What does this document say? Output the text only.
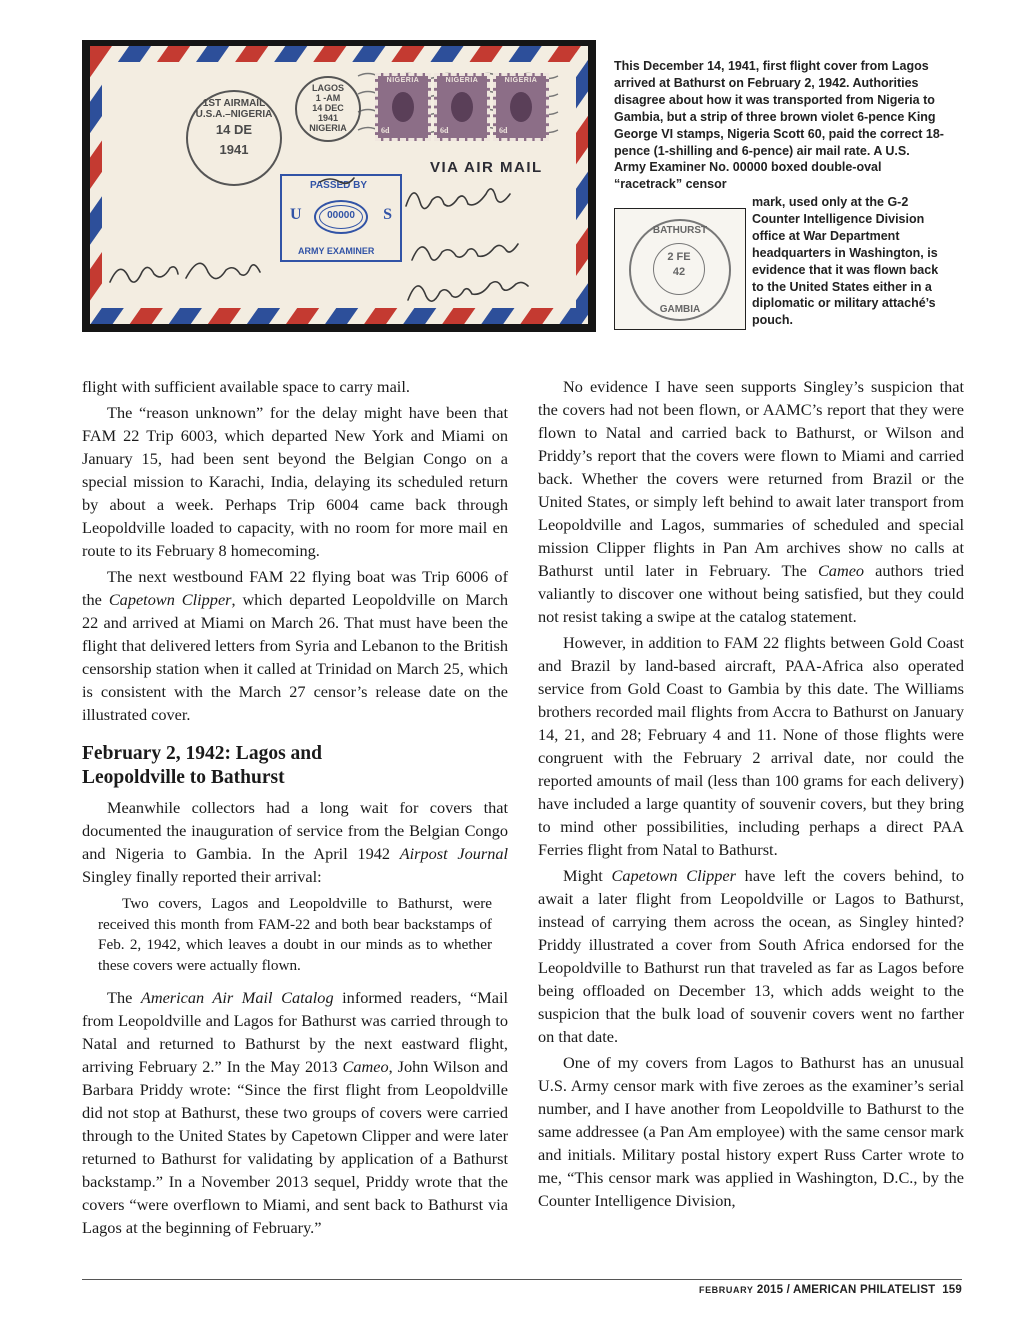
1ST AIRMAIL U.S.A.–NIGERIA
14 DE
1941
LAGOS
1 -AM
14 DEC
1941
NIGERIA
NIGERIA
6d
NIGERIA
6d
NIGERIA
6d
VIA AIR MAIL
PASSED BY
U	00000	S
ARMY EXAMINER

This December 14, 1941, first flight cover from Lagos arrived at Bathurst on February 2, 1942. Authorities disagree about how it was transported from Nigeria to Gambia, but a strip of three brown violet 6-pence King George VI stamps, Nigeria Scott 60, paid the correct 18-pence (1-shilling and 6-pence) air mail rate. A U.S. Army Examiner No. 00000 boxed double-oval “racetrack” censor

BATHURST
2 FE
42
GAMBIA

mark, used only at the G-2 Counter Intelligence Division office at War Department headquarters in Washington, is evidence that it was flown back to the United States either in a diplomatic or military attaché’s pouch.

flight with sufficient available space to carry mail.

The “reason unknown” for the delay might have been that FAM 22 Trip 6003, which departed New York and Miami on January 15, had been sent beyond the Belgian Congo on a special mission to Karachi, India, delaying its scheduled return by about a week. Perhaps Trip 6004 came back through Leopoldville loaded to capacity, with no room for more mail en route to its February 8 homecoming.

The next westbound FAM 22 flying boat was Trip 6006 of the Capetown Clipper, which departed Leopoldville on March 22 and arrived at Miami on March 26. That must have been the flight that delivered letters from Syria and Lebanon to the British censorship station when it called at Trinidad on March 25, which is consistent with the March 27 censor’s release date on the illustrated cover.

February 2, 1942: Lagos and
Leopoldville to Bathurst

Meanwhile collectors had a long wait for covers that documented the inauguration of service from the Belgian Congo and Nigeria to Gambia. In the April 1942 Airpost Journal Singley finally reported their arrival:

Two covers, Lagos and Leopoldville to Bathurst, were received this month from FAM-22 and both bear backstamps of Feb. 2, 1942, which leaves a doubt in our minds as to whether these covers were actually flown.

The American Air Mail Catalog informed readers, “Mail from Leopoldville and Lagos for Bathurst was carried through to Natal and returned to Bathurst by the next eastward flight, arriving February 2.” In the May 2013 Cameo, John Wilson and Barbara Priddy wrote: “Since the first flight from Leopoldville did not stop at Bathurst, these two groups of covers were carried through to the United States by Capetown Clipper and were later returned to Bathurst for validating by application of a Bathurst backstamp.” In a November 2013 sequel, Priddy wrote that the covers “were overflown to Miami, and sent back to Bathurst via Lagos at the beginning of February.”

No evidence I have seen supports Singley’s suspicion that the covers had not been flown, or AAMC’s report that they were flown to Natal and carried back to Bathurst, or Wilson and Priddy’s report that the covers were flown to Miami and carried back. Whether the covers were returned from Brazil or the United States, or simply left behind to await later transport from Leopoldville and Lagos, summaries of scheduled and special mission Clipper flights in Pan Am archives show no calls at Bathurst until later in February. The Cameo authors tried valiantly to discover one without being satisfied, but they could not resist taking a swipe at the catalog statement.

However, in addition to FAM 22 flights between Gold Coast and Brazil by land-based aircraft, PAA-Africa also operated service from Gold Coast to Gambia by this date. The Williams brothers recorded mail flights from Accra to Bathurst on January 14, 21, and 28; February 4 and 11. None of those flights were congruent with the February 2 arrival date, nor could the reported amounts of mail (less than 100 grams for each delivery) have included a large quantity of souvenir covers, but they bring to mind other possibilities, including perhaps a direct PAA Ferries flight from Natal to Bathurst.

Might Capetown Clipper have left the covers behind, to await a later flight from Leopoldville or Lagos to Bathurst, instead of carrying them across the ocean, as Singley hinted? Priddy illustrated a cover from South Africa endorsed for the Leopoldville to Bathurst run that traveled as far as Lagos before being offloaded on December 13, which adds weight to the suspicion that the bulk load of souvenir covers went no farther on that date.

One of my covers from Lagos to Bathurst has an unusual U.S. Army censor mark with five zeroes as the examiner’s serial number, and I have another from Leopoldville to Bathurst to the same addressee (a Pan Am employee) with the same censor mark and initials. Military postal history expert Russ Carter wrote to me, “This censor mark was applied in Washington, D.C., by the Counter Intelligence Division,

FEBRUARY 2015 / AMERICAN PHILATELIST  159
